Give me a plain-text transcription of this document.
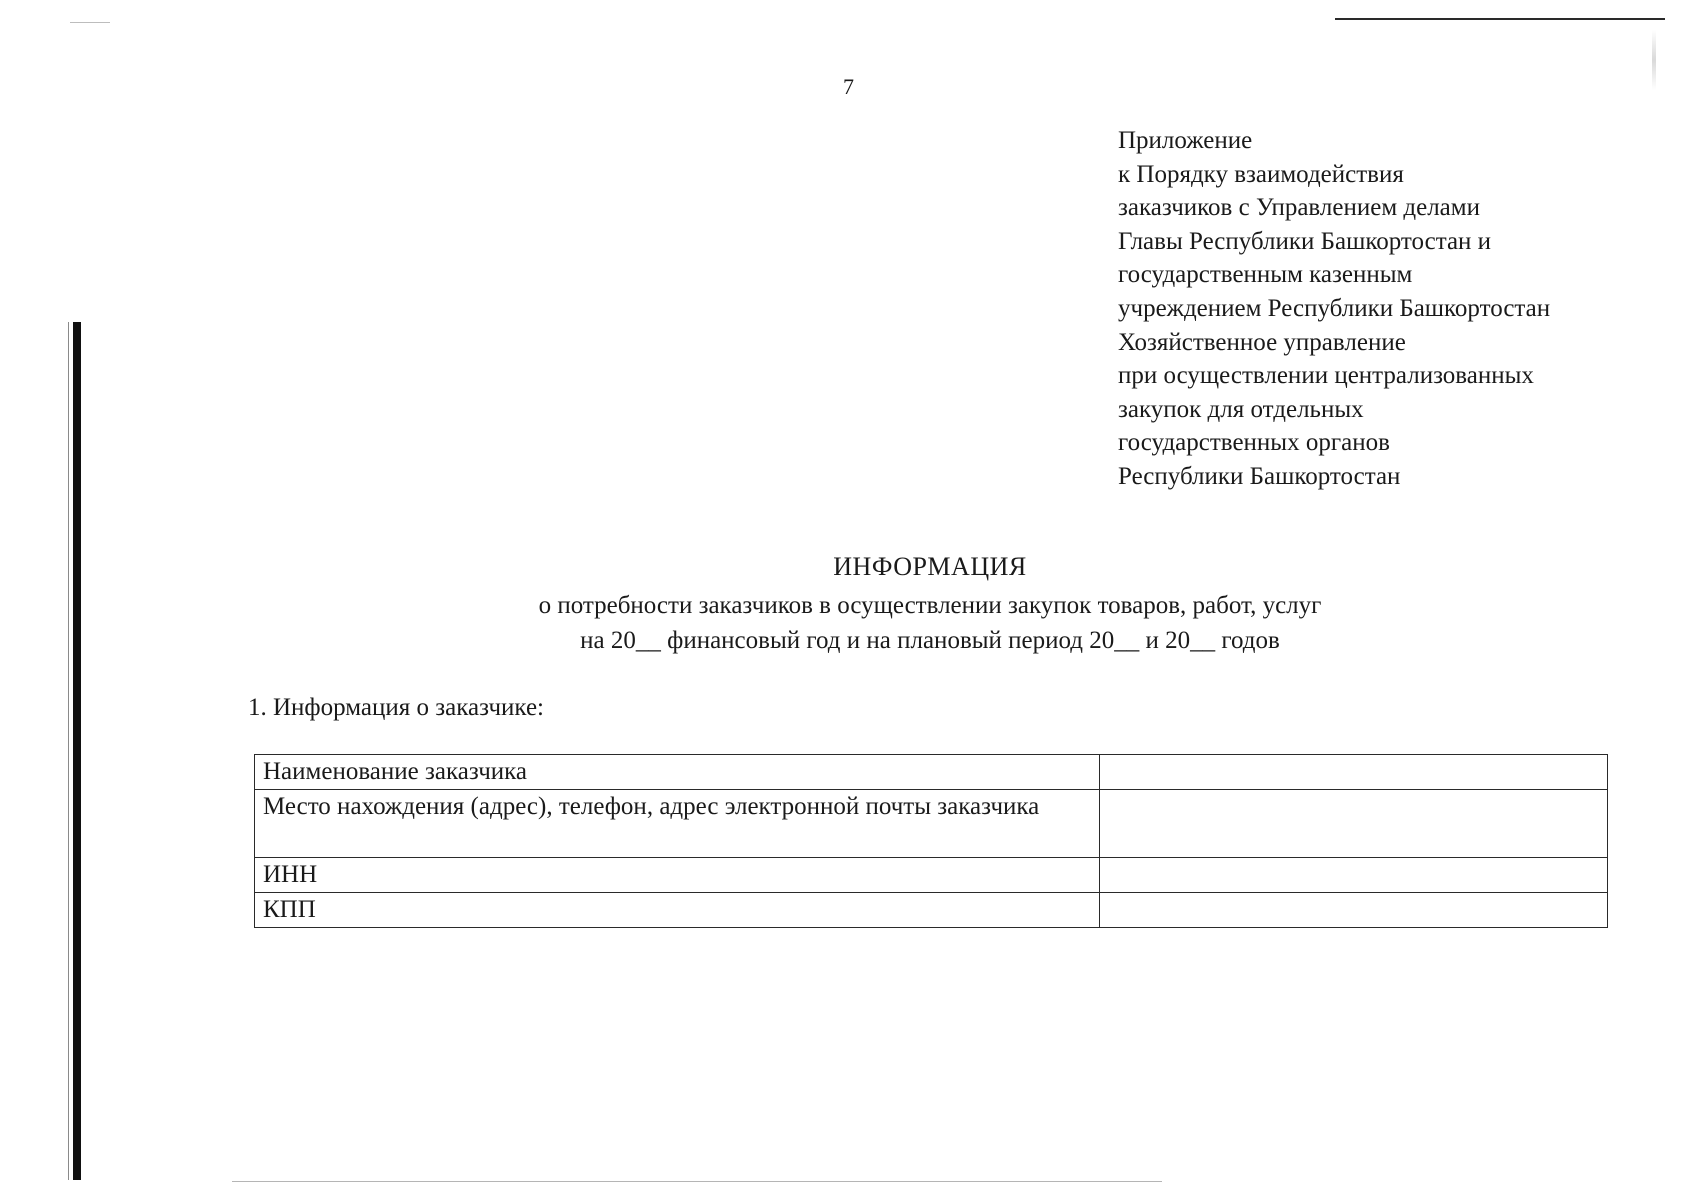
7
Приложение
к Порядку взаимодействия
заказчиков с Управлением делами
Главы Республики Башкортостан и
государственным казенным
учреждением Республики Башкортостан
Хозяйственное управление
при осуществлении централизованных
закупок для отдельных
государственных органов
Республики Башкортостан
ИНФОРМАЦИЯ
о потребности заказчиков в осуществлении закупок товаров, работ, услуг
на 20__ финансовый год и на плановый период 20__ и 20__ годов
1. Информация о заказчике:
Наименование заказчика	
Место нахождения (адрес), телефон, адрес электронной почты заказчика	
ИНН	
КПП	
